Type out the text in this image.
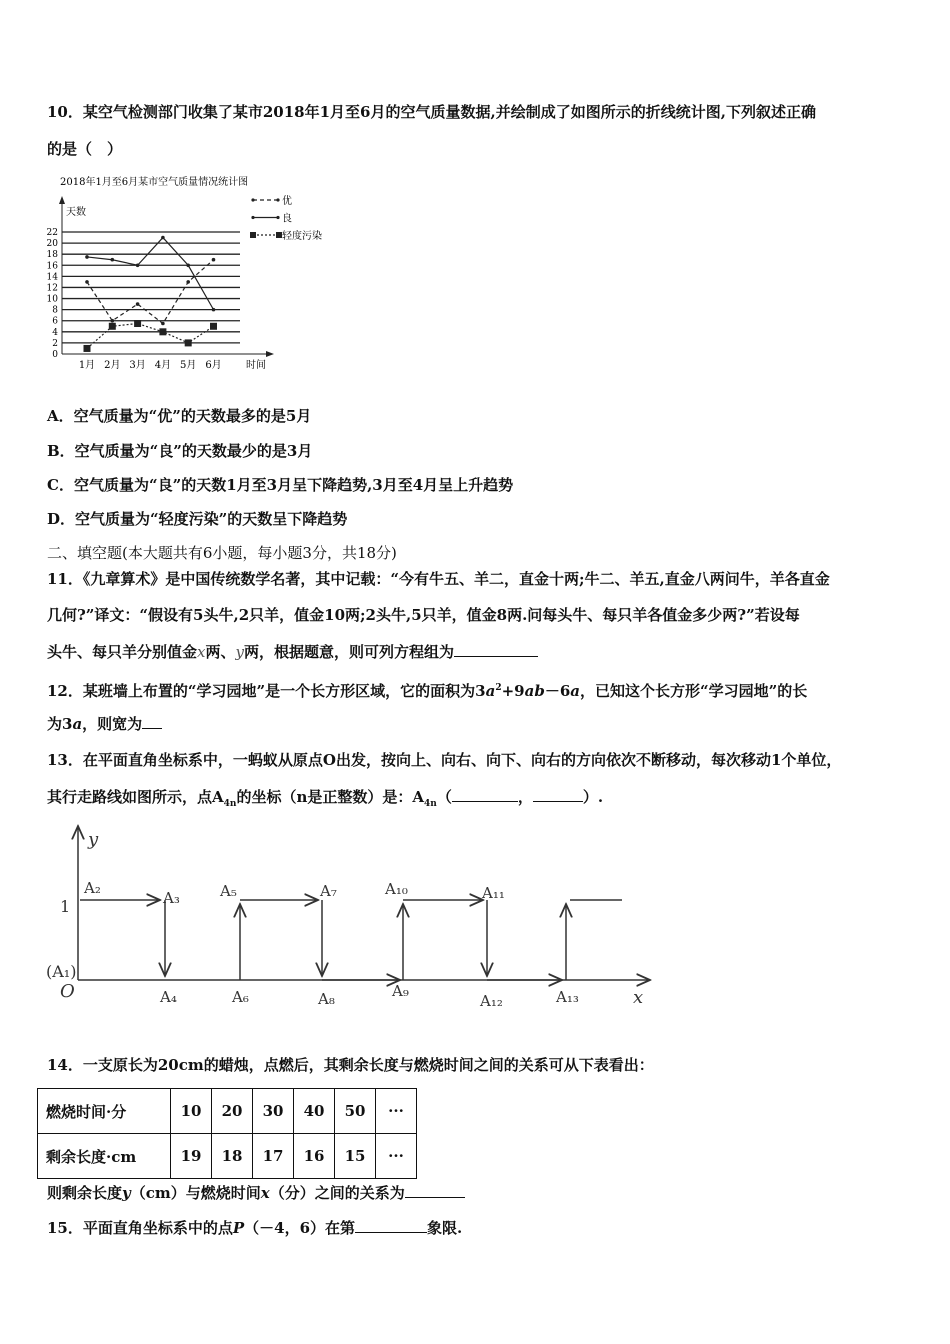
10．某空气检测部门收集了某市2018年1月至6月的空气质量数据,并绘制成了如图所示的折线统计图,下列叙述正确
的是（　）
2018年1月至6月某市空气质量情况统计图
0
2
4
6
8
10
12
14
16
18
20
22
天数
时间
1月 2月 3月 4月 5月 6月
优
良
轻度污染
A．空气质量为“优”的天数最多的是5月
B．空气质量为“良”的天数最少的是3月
C．空气质量为“良”的天数1月至3月呈下降趋势,3月至4月呈上升趋势
D．空气质量为“轻度污染”的天数呈下降趋势
二、填空题(本大题共有6小题，每小题3分，共18分)
11．《九章算术》是中国传统数学名著，其中记载：“今有牛五、羊二，直金十两;牛二、羊五,直金八两问牛，羊各直金
几何?”译文：“假设有5头牛,2只羊，值金10两;2头牛,5只羊，值金8两.问每头牛、每只羊各值金多少两?”若设每
头牛、每只羊分别值金x两、y两，根据题意，则可列方程组为
12．某班墙上布置的“学习园地”是一个长方形区域，它的面积为$3a^2+9ab-6a$，已知这个长方形“学习园地”的长
为3a，则宽为
13．在平面直角坐标系中，一蚂蚁从原点O出发，按向上、向右、向下、向右的方向依次不断移动，每次移动1个单位，
其行走路线如图所示，点$A_{4n}$的坐标（n是正整数）是：$A_{4n}$（	，	）.
y
x
1
(A₁)
O
A₂
A₃
A₄
A₅
A₆
A₇
A₈	A₉
A₁₀	A₁₁
A₁₂	A₁₃
14．一支原长为20cm的蜡烛，点燃后，其剩余长度与燃烧时间之间的关系可从下表看出：
燃烧时间·分	10	20	30	40	50	···
剩余长度·cm	19	18	17	16	15	···
则剩余长度y（cm）与燃烧时间x（分）之间的关系为
15．平面直角坐标系中的点P（－4，6）在第	象限.
